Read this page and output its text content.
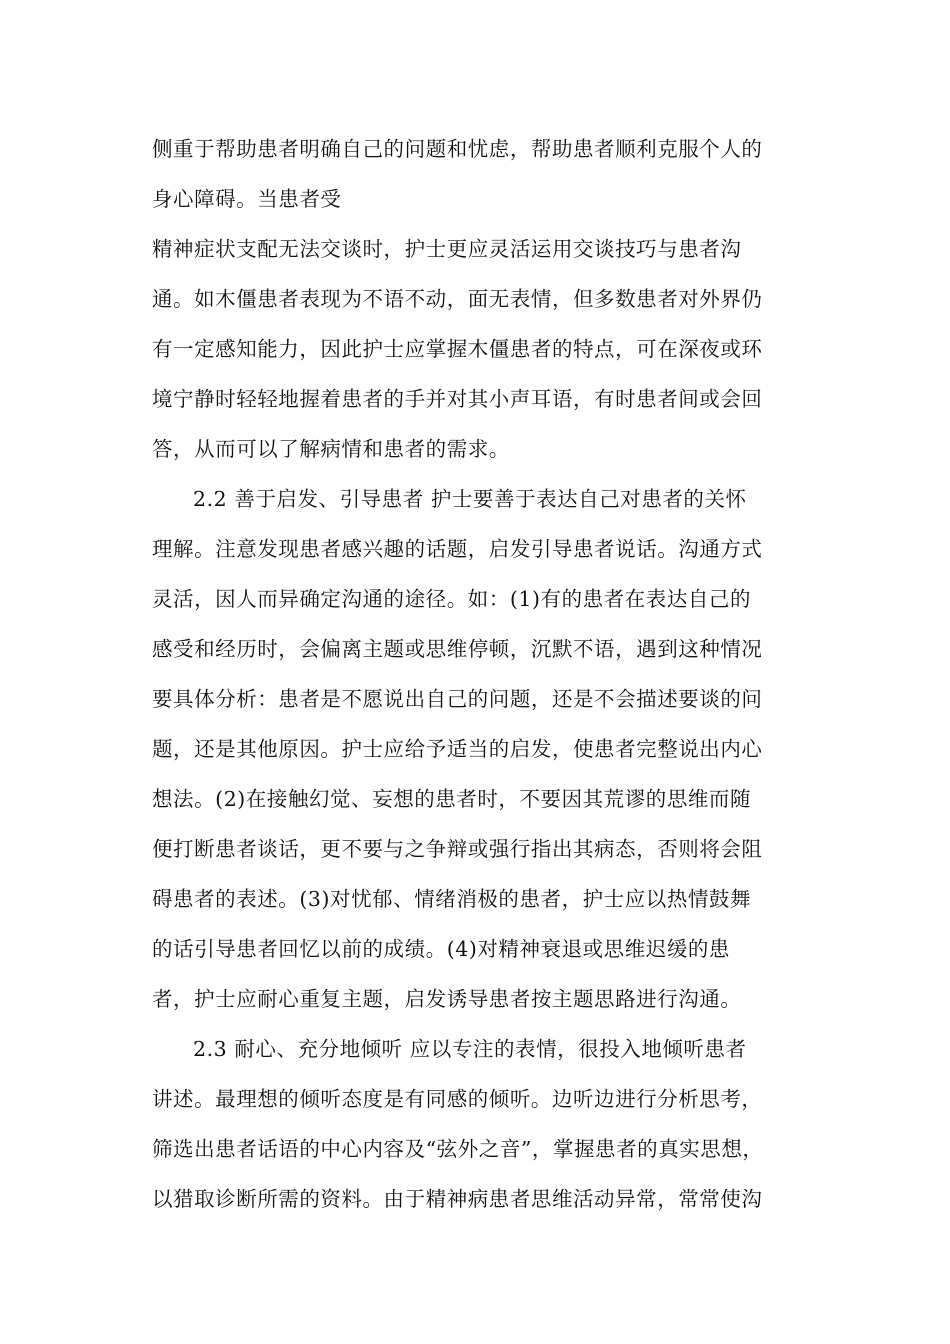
侧重于帮助患者明确自己的问题和忧虑，帮助患者顺利克服个人的

身心障碍。当患者受

精神症状支配无法交谈时，护士更应灵活运用交谈技巧与患者沟

通。如木僵患者表现为不语不动，面无表情，但多数患者对外界仍

有一定感知能力，因此护士应掌握木僵患者的特点，可在深夜或环

境宁静时轻轻地握着患者的手并对其小声耳语，有时患者间或会回

答，从而可以了解病情和患者的需求。

2.2 善于启发、引导患者 护士要善于表达自己对患者的关怀

理解。注意发现患者感兴趣的话题，启发引导患者说话。沟通方式

灵活，因人而异确定沟通的途径。如：(1)有的患者在表达自己的

感受和经历时，会偏离主题或思维停顿，沉默不语，遇到这种情况

要具体分析：患者是不愿说出自己的问题，还是不会描述要谈的问

题，还是其他原因。护士应给予适当的启发，使患者完整说出内心

想法。(2)在接触幻觉、妄想的患者时，不要因其荒谬的思维而随

便打断患者谈话，更不要与之争辩或强行指出其病态，否则将会阻

碍患者的表述。(3)对忧郁、情绪消极的患者，护士应以热情鼓舞

的话引导患者回忆以前的成绩。(4)对精神衰退或思维迟缓的患

者，护士应耐心重复主题，启发诱导患者按主题思路进行沟通。

2.3 耐心、充分地倾听 应以专注的表情，很投入地倾听患者

讲述。最理想的倾听态度是有同感的倾听。边听边进行分析思考，

筛选出患者话语的中心内容及“弦外之音”，掌握患者的真实思想，

以猎取诊断所需的资料。由于精神病患者思维活动异常，常常使沟
